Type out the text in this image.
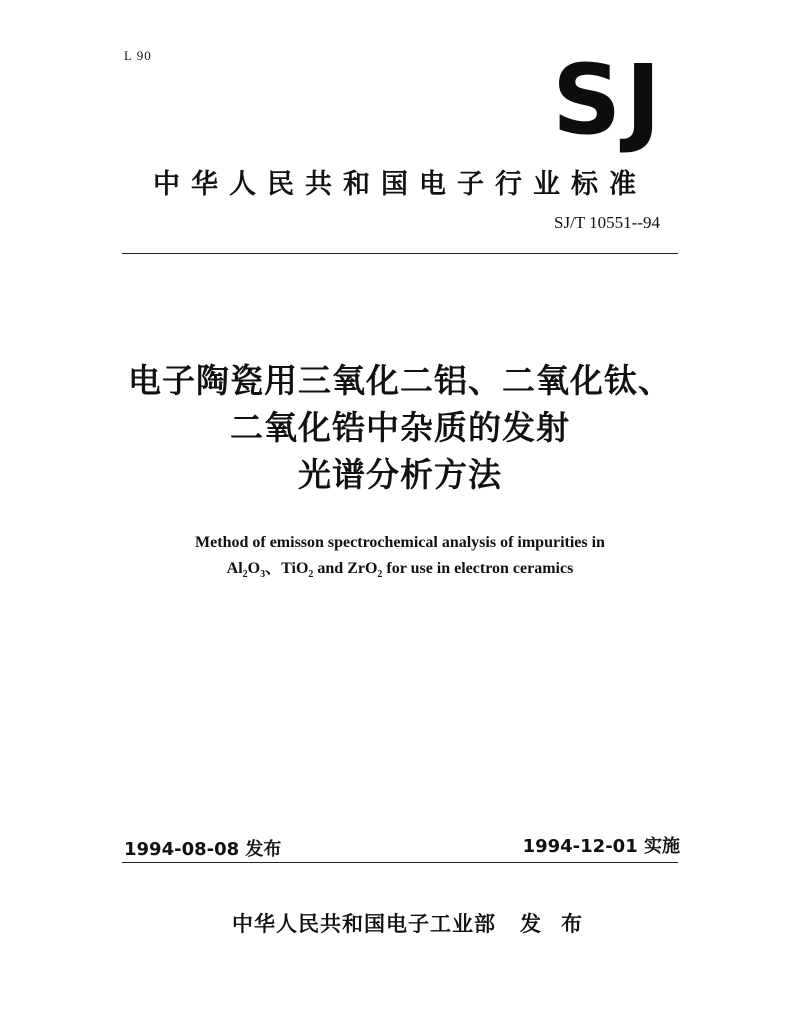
L 90	SJ
中华人民共和国电子行业标准
SJ/T 10551--94
电子陶瓷用三氧化二铝、二氧化钛、
二氧化锆中杂质的发射
光谱分析方法
Method of emisson spectrochemical analysis of impurities in
$Al_2O_3$、TiO$_2$ and ZrO$_2$ for use in electron ceramics
1994-08-08 发布	1994-12-01 实施
中华人民共和国电子工业部 发布
